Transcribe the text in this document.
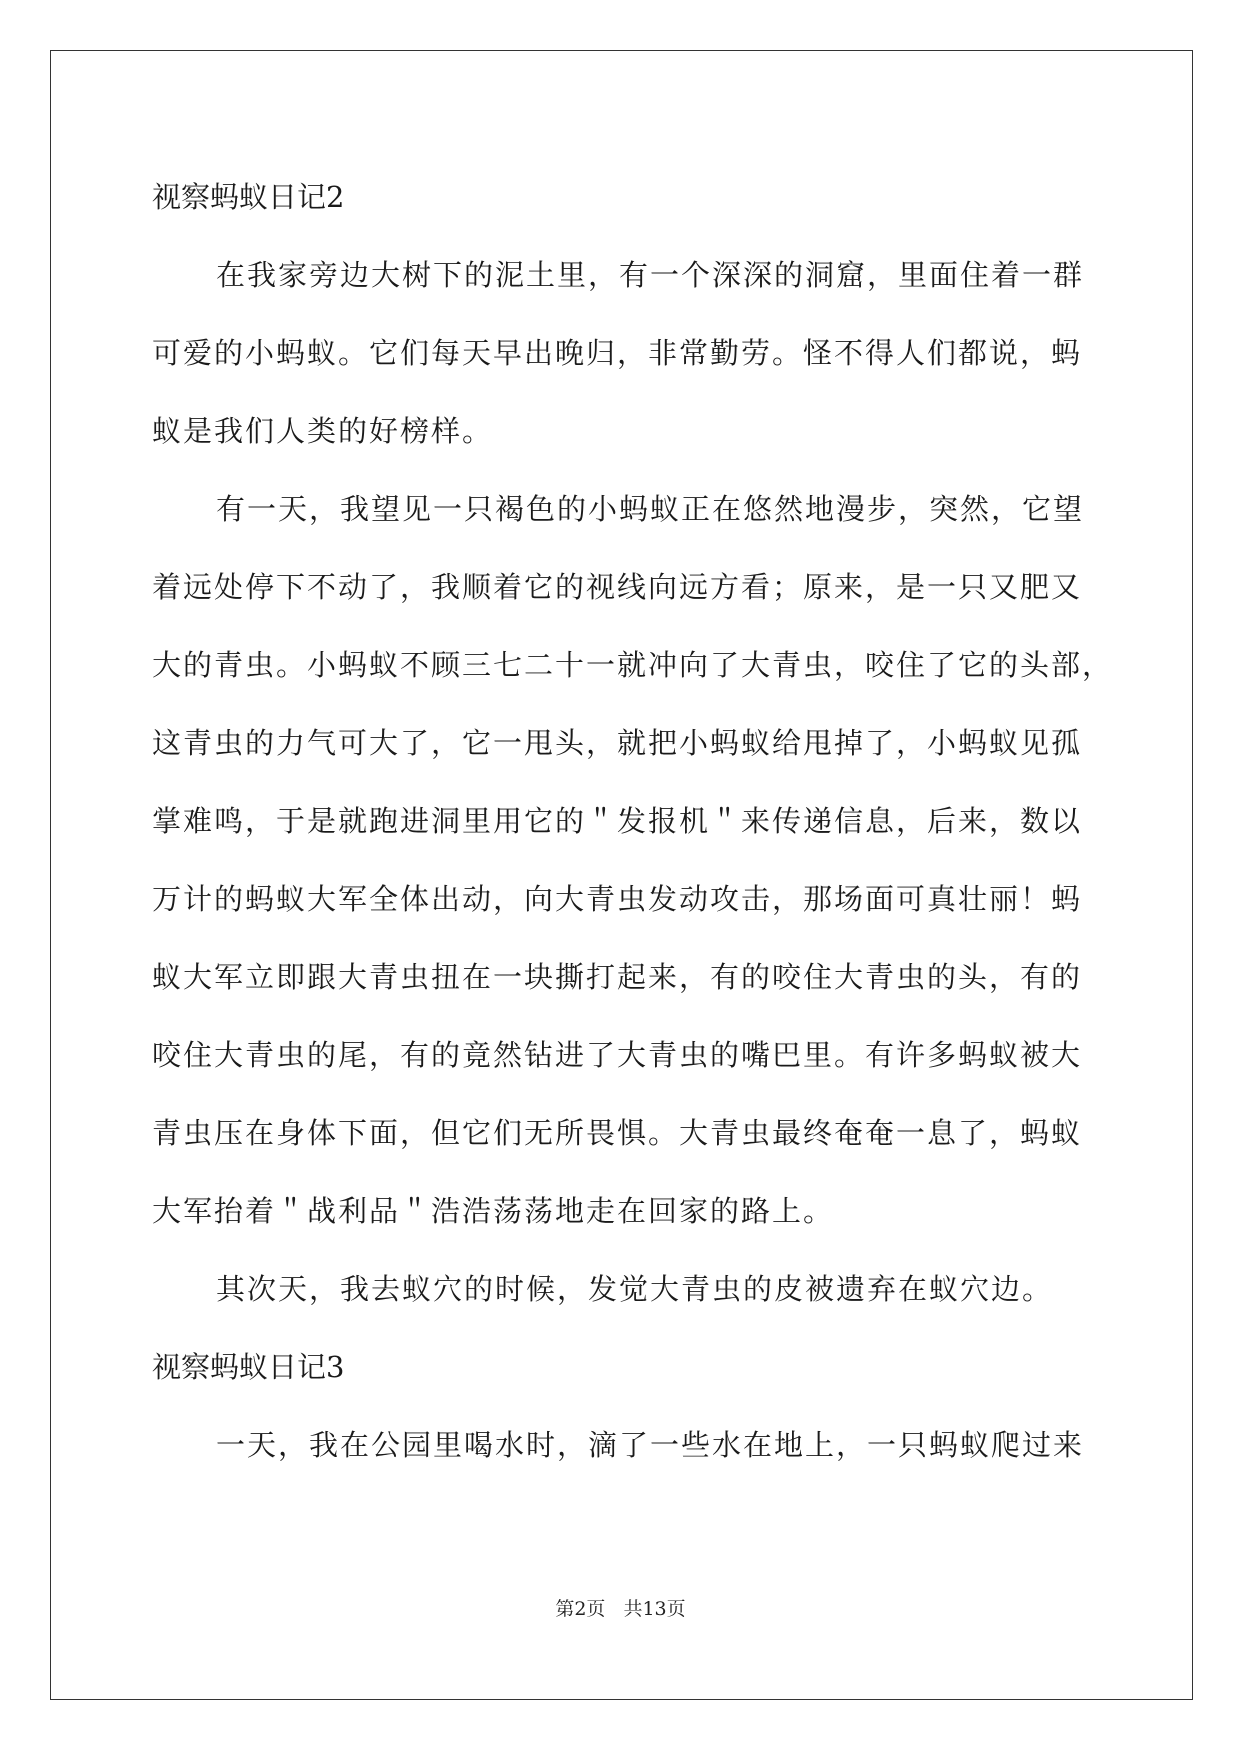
视察蚂蚁日记2
在我家旁边大树下的泥土里，有一个深深的洞窟，里面住着一群
可爱的小蚂蚁。它们每天早出晚归，非常勤劳。怪不得人们都说，蚂
蚁是我们人类的好榜样。
有一天，我望见一只褐色的小蚂蚁正在悠然地漫步，突然，它望
着远处停下不动了，我顺着它的视线向远方看；原来，是一只又肥又
大的青虫。小蚂蚁不顾三七二十一就冲向了大青虫，咬住了它的头部，
这青虫的力气可大了，它一甩头，就把小蚂蚁给甩掉了，小蚂蚁见孤
掌难鸣，于是就跑进洞里用它的＂发报机＂来传递信息，后来，数以
万计的蚂蚁大军全体出动，向大青虫发动攻击，那场面可真壮丽！蚂
蚁大军立即跟大青虫扭在一块撕打起来，有的咬住大青虫的头，有的
咬住大青虫的尾，有的竟然钻进了大青虫的嘴巴里。有许多蚂蚁被大
青虫压在身体下面，但它们无所畏惧。大青虫最终奄奄一息了，蚂蚁
大军抬着＂战利品＂浩浩荡荡地走在回家的路上。
其次天，我去蚁穴的时候，发觉大青虫的皮被遗弃在蚁穴边。
视察蚂蚁日记3
一天，我在公园里喝水时，滴了一些水在地上，一只蚂蚁爬过来
第2页 共13页
